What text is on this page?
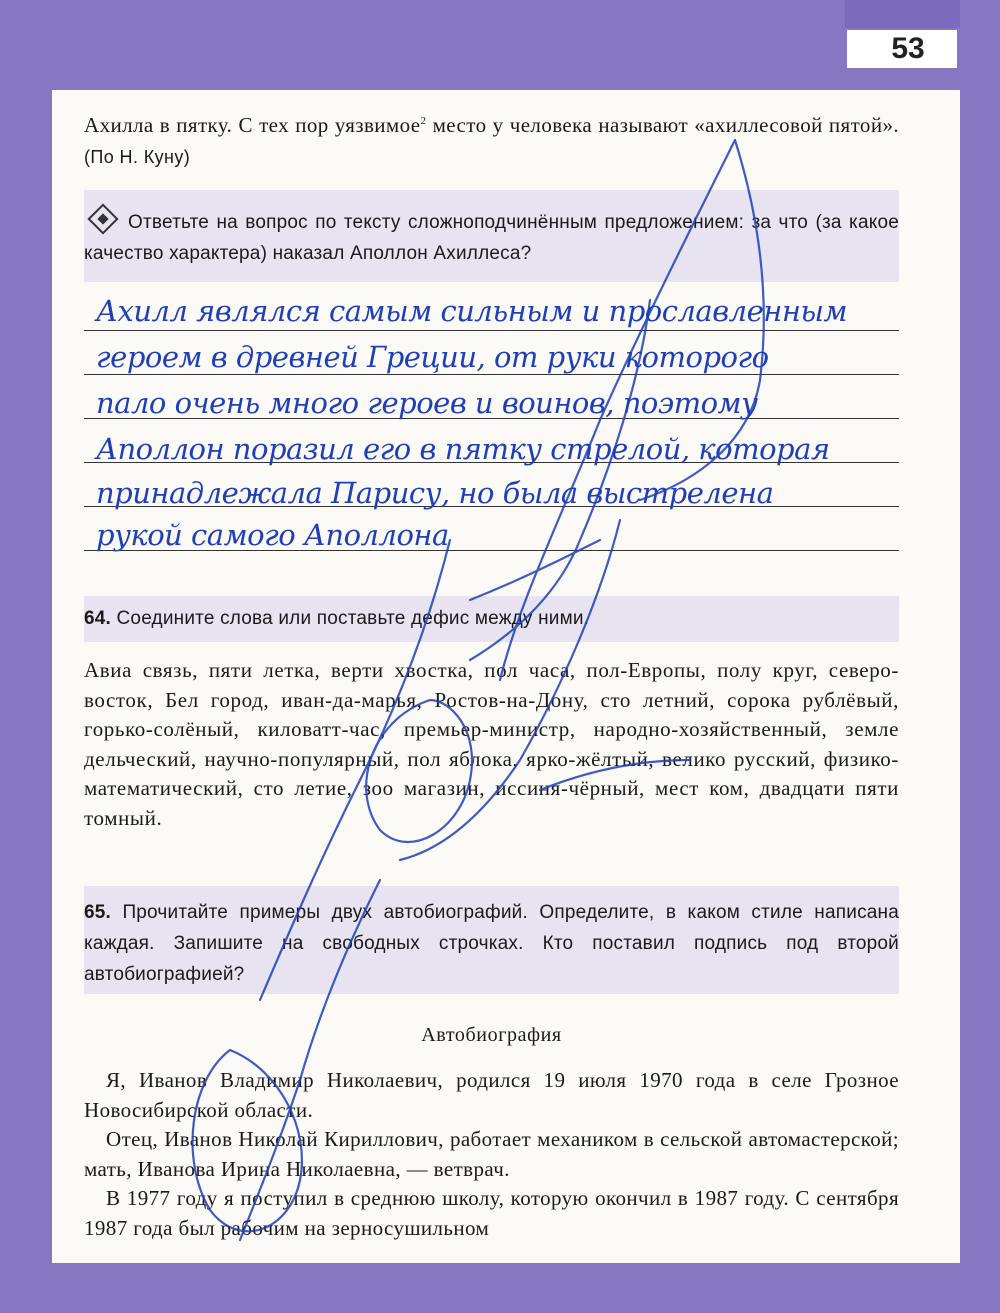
53
Ахилла в пятку. С тех пор уязвимое$^2$ место у человека называют «ахиллесовой пятой». (По Н. Куну)
Ответьте на вопрос по тексту сложноподчинённым предложением: за что (за какое качество характера) наказал Аполлон Ахиллеса?
Ахилл являлся самым сильным и прославленным
героем в древней Греции, от руки которого
пало очень много героев и воинов, поэтому
Аполлон поразил его в пятку стрелой, которая
принадлежала Парису, но была выстрелена
рукой самого Аполлона
64. Соедините слова или поставьте дефис между ними.
Авиа связь, пяти летка, верти хвостка, пол часа, пол-Европы, полу круг, северо-восток, Бел город, иван-да-марья, Ростов-на-Дону, сто летний, сорока рублёвый, горько-солёный, киловатт-час, премьер-министр, народно-хозяйственный, земле дельческий, научно-популярный, пол яблока, ярко-жёлтый, велико русский, физико-математический, сто летие, зоо магазин, иссиня-чёрный, мест ком, двадцати пяти томный.
65. Прочитайте примеры двух автобиографий. Определите, в каком стиле написана каждая. Запишите на свободных строчках. Кто поставил подпись под второй автобиографией?
Автобиография

Я, Иванов Владимир Николаевич, родился 19 июля 1970 года в селе Грозное Новосибирской области.

Отец, Иванов Николай Кириллович, работает механиком в сельской автомастерской; мать, Иванова Ирина Николаевна, — ветврач.

В 1977 году я поступил в среднюю школу, которую окончил в 1987 году. С сентября 1987 года был рабочим на зерносушильном
